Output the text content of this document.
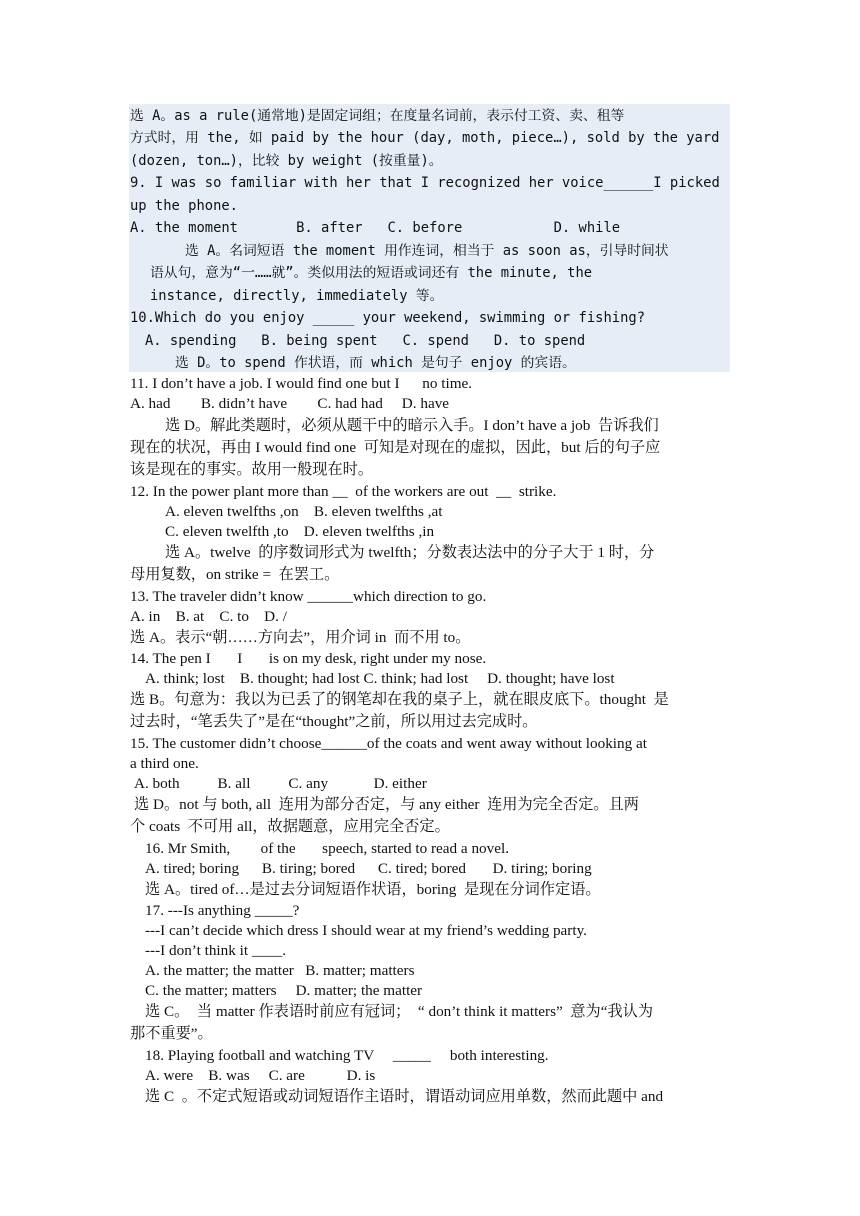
选 A。as a rule(通常地)是固定词组；在度量名词前，表示付工资、卖、租等
方式时，用 the, 如 paid by the hour (day, moth, piece…), sold by the yard
(dozen, ton…)，比较 by weight (按重量)。
9. I was so familiar with her that I recognized her voice______I picked
up the phone.
A. the moment       B. after   C. before           D. while
选 A。名词短语 the moment 用作连词，相当于 as soon as，引导时间状
语从句，意为“一……就”。类似用法的短语或词还有 the minute, the
instance, directly, immediately 等。
10.Which do you enjoy _____ your weekend, swimming or fishing?
A. spending   B. being spent   C. spend   D. to spend
选 D。to spend 作状语，而 which 是句子 enjoy 的宾语。
11. I don’t have a job. I would find one but I      no time.
A. had        B. didn’t have        C. had had     D. have
选 D。解此类题时，必须从题干中的暗示入手。I don’t have a job  告诉我们
现在的状况，再由 I would find one  可知是对现在的虚拟，因此，but 后的句子应
该是现在的事实。故用一般现在时。
12. In the power plant more than __  of the workers are out  __  strike.
A. eleven twelfths ,on    B. eleven twelfths ,at
C. eleven twelfth ,to    D. eleven twelfths ,in
选 A。twelve  的序数词形式为 twelfth；分数表达法中的分子大于 1 时，分
母用复数，on strike =  在罢工。
13. The traveler didn’t know ______which direction to go.
A. in    B. at    C. to    D. /
选 A。表示“朝……方向去”，用介词 in  而不用 to。
14. The pen I       I       is on my desk, right under my nose.
A. think; lost    B. thought; had lost C. think; had lost     D. thought; have lost
选 B。句意为：我以为已丢了的钢笔却在我的桌子上，就在眼皮底下。thought  是
过去时，“笔丢失了”是在“thought”之前，所以用过去完成时。
15. The customer didn’t choose______of the coats and went away without looking at
a third one.
A. both          B. all          C. any            D. either
选 D。not 与 both, all  连用为部分否定，与 any either  连用为完全否定。且两
个 coats  不可用 all，故据题意，应用完全否定。
16. Mr Smith,        of the       speech, started to read a novel.
A. tired; boring      B. tiring; bored      C. tired; bored       D. tiring; boring
选 A。tired of…是过去分词短语作状语，boring  是现在分词作定语。
17. ---Is anything _____?
---I can’t decide which dress I should wear at my friend’s wedding party.
---I don’t think it ____.
A. the matter; the matter   B. matter; matters
C. the matter; matters     D. matter; the matter
选 C。  当 matter 作表语时前应有冠词；  “ don’t think it matters”  意为“我认为
那不重要”。
18. Playing football and watching TV     _____     both interesting.
A. were    B. was     C. are           D. is
选 C  。不定式短语或动词短语作主语时，谓语动词应用单数，然而此题中 and
